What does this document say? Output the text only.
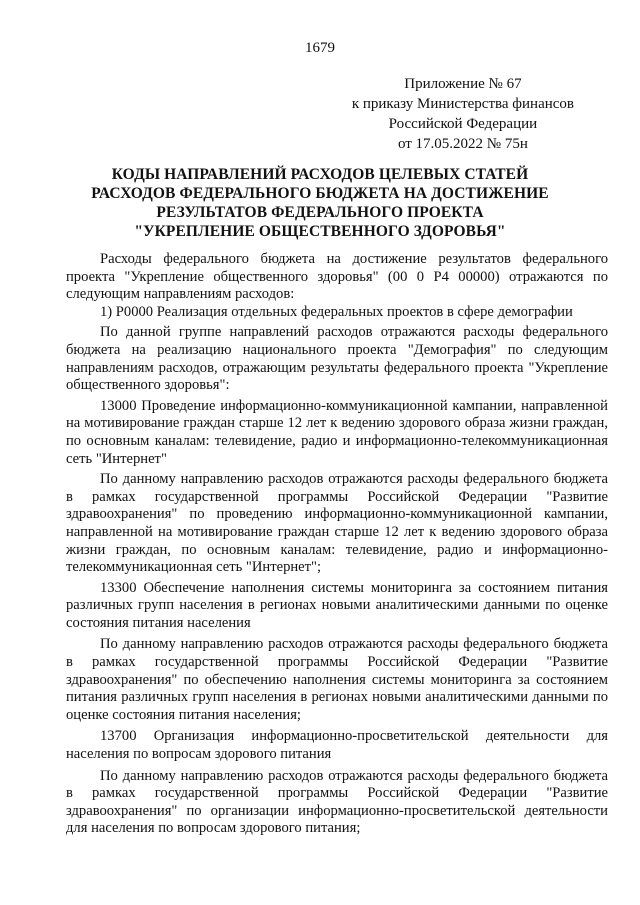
1679
Приложение № 67
к приказу Министерства финансов
Российской Федерации
от 17.05.2022 № 75н
КОДЫ НАПРАВЛЕНИЙ РАСХОДОВ ЦЕЛЕВЫХ СТАТЕЙ
РАСХОДОВ ФЕДЕРАЛЬНОГО БЮДЖЕТА НА ДОСТИЖЕНИЕ
РЕЗУЛЬТАТОВ ФЕДЕРАЛЬНОГО ПРОЕКТА
"УКРЕПЛЕНИЕ ОБЩЕСТВЕННОГО ЗДОРОВЬЯ"

Расходы федерального бюджета на достижение результатов федерального проекта "Укрепление общественного здоровья" (00 0 Р4 00000) отражаются по следующим направлениям расходов:

1) Р0000 Реализация отдельных федеральных проектов в сфере демографии

По данной группе направлений расходов отражаются расходы федерального бюджета на реализацию национального проекта "Демография" по следующим направлениям расходов, отражающим результаты федерального проекта "Укрепление общественного здоровья":

13000 Проведение информационно-коммуникационной кампании, направленной на мотивирование граждан старше 12 лет к ведению здорового образа жизни граждан, по основным каналам: телевидение, радио и информационно-телекоммуникационная сеть "Интернет"

По данному направлению расходов отражаются расходы федерального бюджета в рамках государственной программы Российской Федерации "Развитие здравоохранения" по проведению информационно-коммуникационной кампании, направленной на мотивирование граждан старше 12 лет к ведению здорового образа жизни граждан, по основным каналам: телевидение, радио и информационно-телекоммуникационная сеть "Интернет";

13300 Обеспечение наполнения системы мониторинга за состоянием питания различных групп населения в регионах новыми аналитическими данными по оценке состояния питания населения

По данному направлению расходов отражаются расходы федерального бюджета в рамках государственной программы Российской Федерации "Развитие здравоохранения" по обеспечению наполнения системы мониторинга за состоянием питания различных групп населения в регионах новыми аналитическими данными по оценке состояния питания населения;

13700 Организация информационно-просветительской деятельности для населения по вопросам здорового питания

По данному направлению расходов отражаются расходы федерального бюджета в рамках государственной программы Российской Федерации "Развитие здравоохранения" по организации информационно-просветительской деятельности для населения по вопросам здорового питания;
